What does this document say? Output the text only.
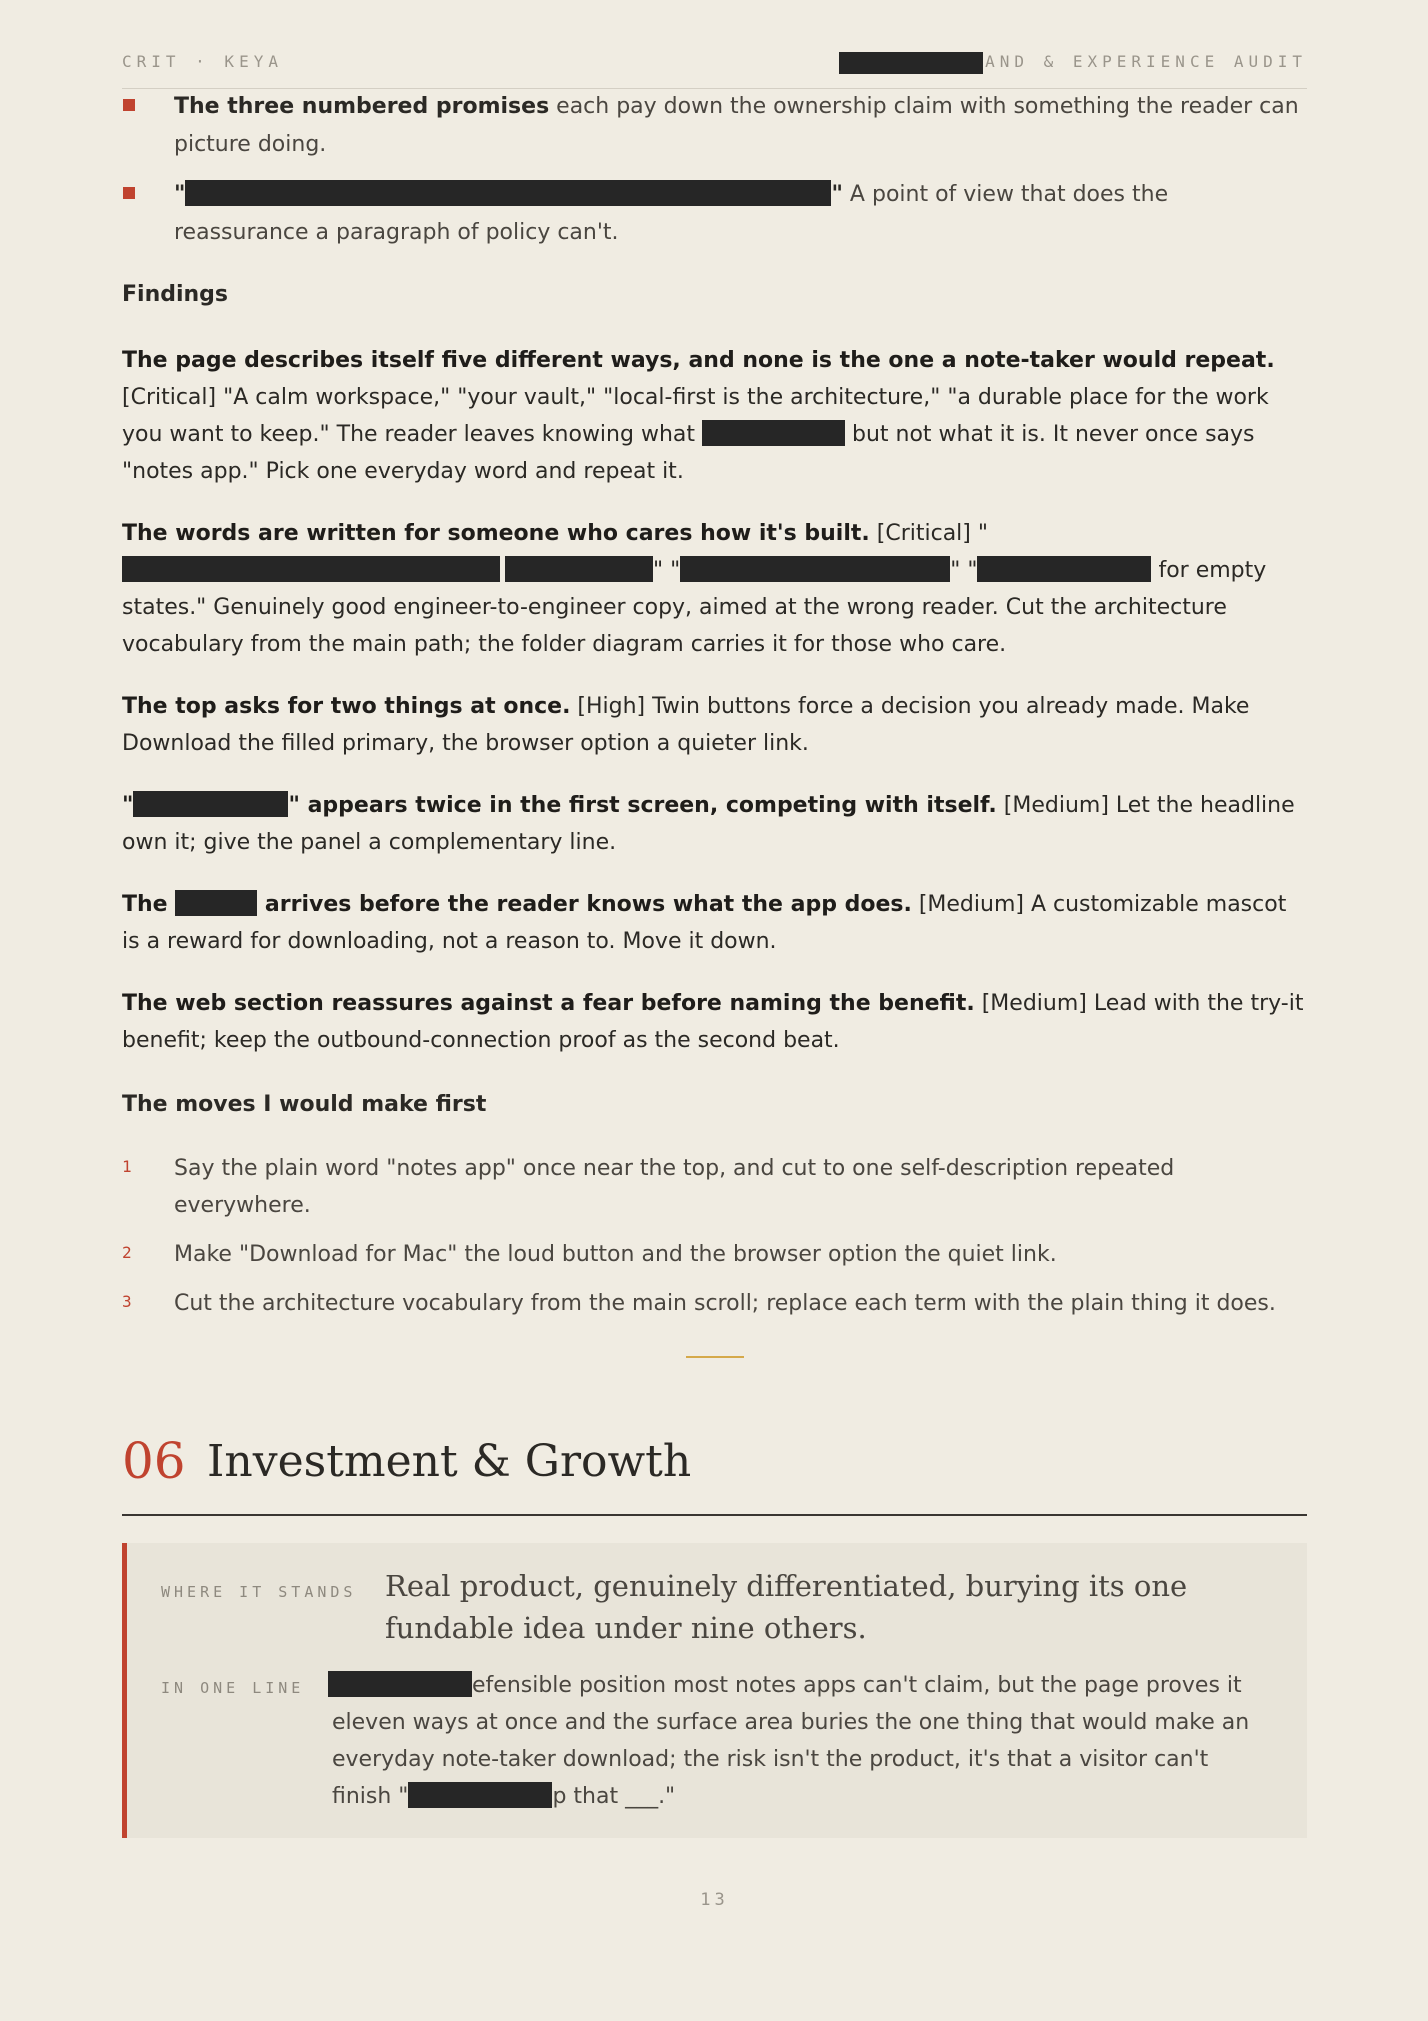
CRIT · KEYA	AND & EXPERIENCE AUDIT
The three numbered promises each pay down the ownership claim with something the reader can picture doing.
"	" A point of view that does the reassurance a paragraph of policy can't.
Findings

The page describes itself five different ways, and none is the one a note-taker would repeat. [Critical] "A calm workspace," "your vault," "local-first is the architecture," "a durable place for the work you want to keep." The reader leaves knowing what	but not what it is. It never once says "notes app." Pick one everyday word and repeat it.

The words are written for someone who cares how it's built. [Critical] " " "	" "	for empty states." Genuinely good engineer-to-engineer copy, aimed at the wrong reader. Cut the architecture vocabulary from the main path; the folder diagram carries it for those who care.

The top asks for two things at once. [High] Twin buttons force a decision you already made. Make Download the filled primary, the browser option a quieter link.

"	" appears twice in the first screen, competing with itself. [Medium] Let the headline own it; give the panel a complementary line.

The	arrives before the reader knows what the app does. [Medium] A customizable mascot is a reward for downloading, not a reason to. Move it down.

The web section reassures against a fear before naming the benefit. [Medium] Lead with the try-it benefit; keep the outbound-connection proof as the second beat.

The moves I would make first
1 Say the plain word "notes app" once near the top, and cut to one self-description repeated everywhere.
2 Make "Download for Mac" the loud button and the browser option the quiet link.
3 Cut the architecture vocabulary from the main scroll; replace each term with the plain thing it does.
06 Investment & Growth
WHERE IT STANDS Real product, genuinely differentiated, burying its one fundable idea under nine others.
IN ONE LINE	efensible position most notes apps can't claim, but the page proves it eleven ways at once and the surface area buries the one thing that would make an everyday note-taker download; the risk isn't the product, it's that a visitor can't finish "	p that ___."
13
